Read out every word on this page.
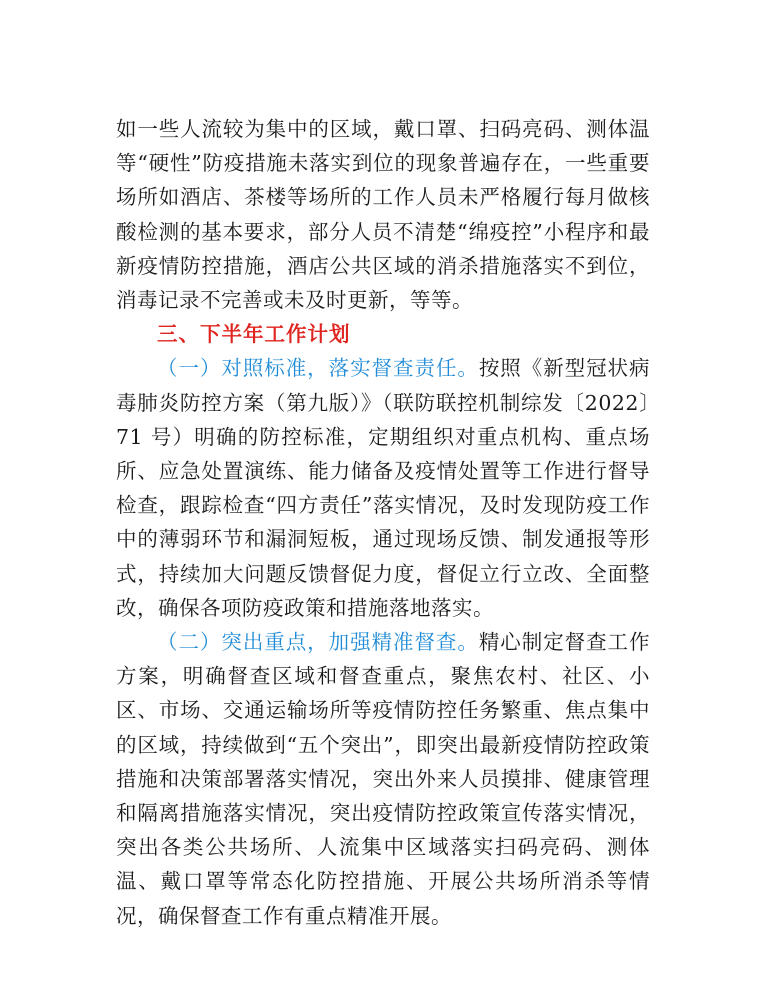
如一些人流较为集中的区域，戴口罩、扫码亮码、测体温等“硬性”防疫措施未落实到位的现象普遍存在，一些重要场所如酒店、茶楼等场所的工作人员未严格履行每月做核酸检测的基本要求，部分人员不清楚“绵疫控”小程序和最新疫情防控措施，酒店公共区域的消杀措施落实不到位，消毒记录不完善或未及时更新，等等。

三、下半年工作计划

（一）对照标准，落实督查责任。按照《新型冠状病毒肺炎防控方案（第九版）》（联防联控机制综发〔2022〕71 号）明确的防控标准，定期组织对重点机构、重点场所、应急处置演练、能力储备及疫情处置等工作进行督导检查，跟踪检查“四方责任”落实情况，及时发现防疫工作中的薄弱环节和漏洞短板，通过现场反馈、制发通报等形式，持续加大问题反馈督促力度，督促立行立改、全面整改，确保各项防疫政策和措施落地落实。

（二）突出重点，加强精准督查。精心制定督查工作方案，明确督查区域和督查重点，聚焦农村、社区、小区、市场、交通运输场所等疫情防控任务繁重、焦点集中的区域，持续做到“五个突出”，即突出最新疫情防控政策措施和决策部署落实情况，突出外来人员摸排、健康管理和隔离措施落实情况，突出疫情防控政策宣传落实情况，突出各类公共场所、人流集中区域落实扫码亮码、测体温、戴口罩等常态化防控措施、开展公共场所消杀等情况，确保督查工作有重点精准开展。
